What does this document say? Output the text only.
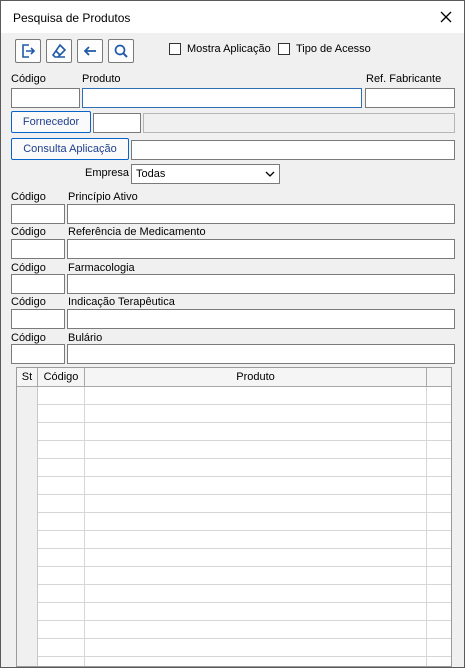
Pesquisa de Produtos
Mostra Aplicação Tipo de Acesso
Código	Produto	Ref. Fabricante
Fornecedor
Consulta Aplicação
Empresa Todas
Código Princípio Ativo
Código Referência de Medicamento
Código Farmacologia
Código Indicação Terapêutica
Código Bulário
St	Código	Produto
